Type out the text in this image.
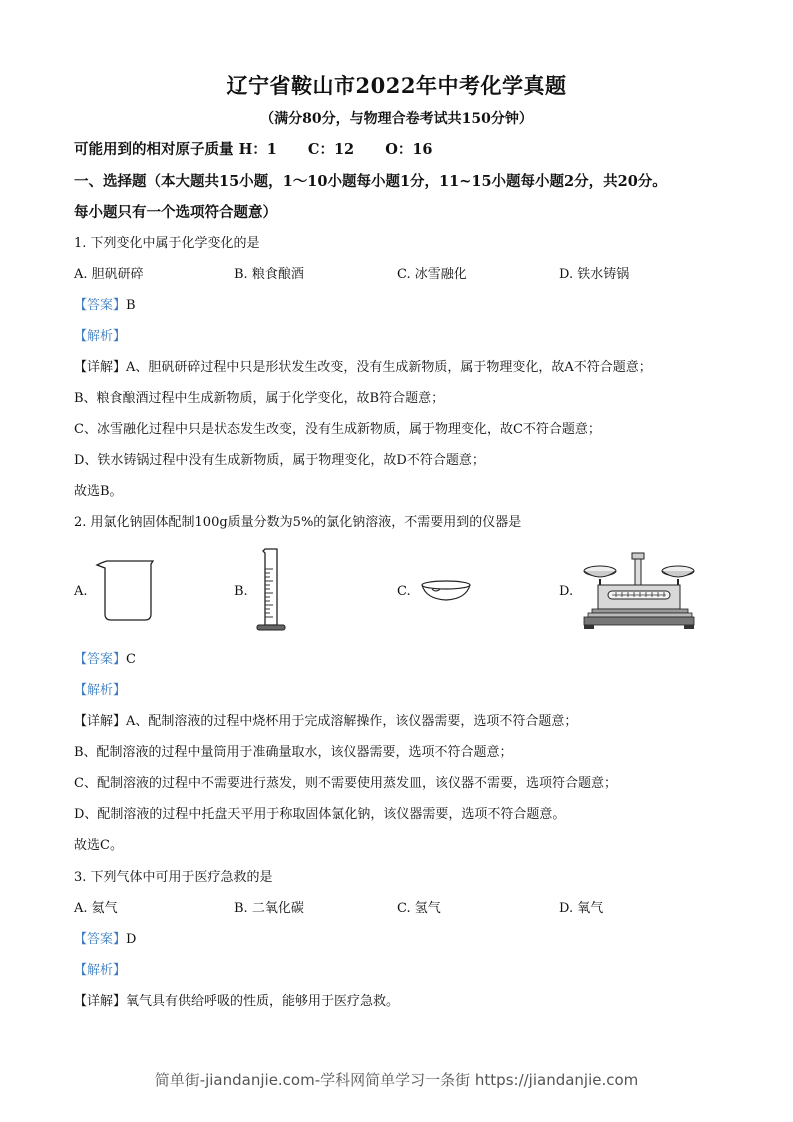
辽宁省鞍山市2022年中考化学真题
（满分80分，与物理合卷考试共150分钟）
可能用到的相对原子质量 H：1 C：12 O：16
一、选择题（本大题共15小题，1～10小题每小题1分，11~15小题每小题2分，共20分。
每小题只有一个选项符合题意）
1. 下列变化中属于化学变化的是
A. 胆矾研碎	B. 粮食酿酒	C. 冰雪融化	D. 铁水铸锅
【答案】B
【解析】
【详解】A、胆矾研碎过程中只是形状发生改变，没有生成新物质，属于物理变化，故A不符合题意；
B、粮食酿酒过程中生成新物质，属于化学变化，故B符合题意；
C、冰雪融化过程中只是状态发生改变，没有生成新物质，属于物理变化，故C不符合题意；
D、铁水铸锅过程中没有生成新物质，属于物理变化，故D不符合题意；
故选B。
2. 用氯化钠固体配制100g质量分数为5%的氯化钠溶液，不需要用到的仪器是
A.	B.	C.	D.
【答案】C
【解析】
【详解】A、配制溶液的过程中烧杯用于完成溶解操作，该仪器需要，选项不符合题意；
B、配制溶液的过程中量筒用于准确量取水，该仪器需要，选项不符合题意；
C、配制溶液的过程中不需要进行蒸发，则不需要使用蒸发皿，该仪器不需要，选项符合题意；
D、配制溶液的过程中托盘天平用于称取固体氯化钠，该仪器需要，选项不符合题意。
故选C。
3. 下列气体中可用于医疗急救的是
A. 氦气	B. 二氧化碳	C. 氢气	D. 氧气
【答案】D
【解析】
【详解】氧气具有供给呼吸的性质，能够用于医疗急救。
简单街-jiandanjie.com-学科网简单学习一条街 https://jiandanjie.com
